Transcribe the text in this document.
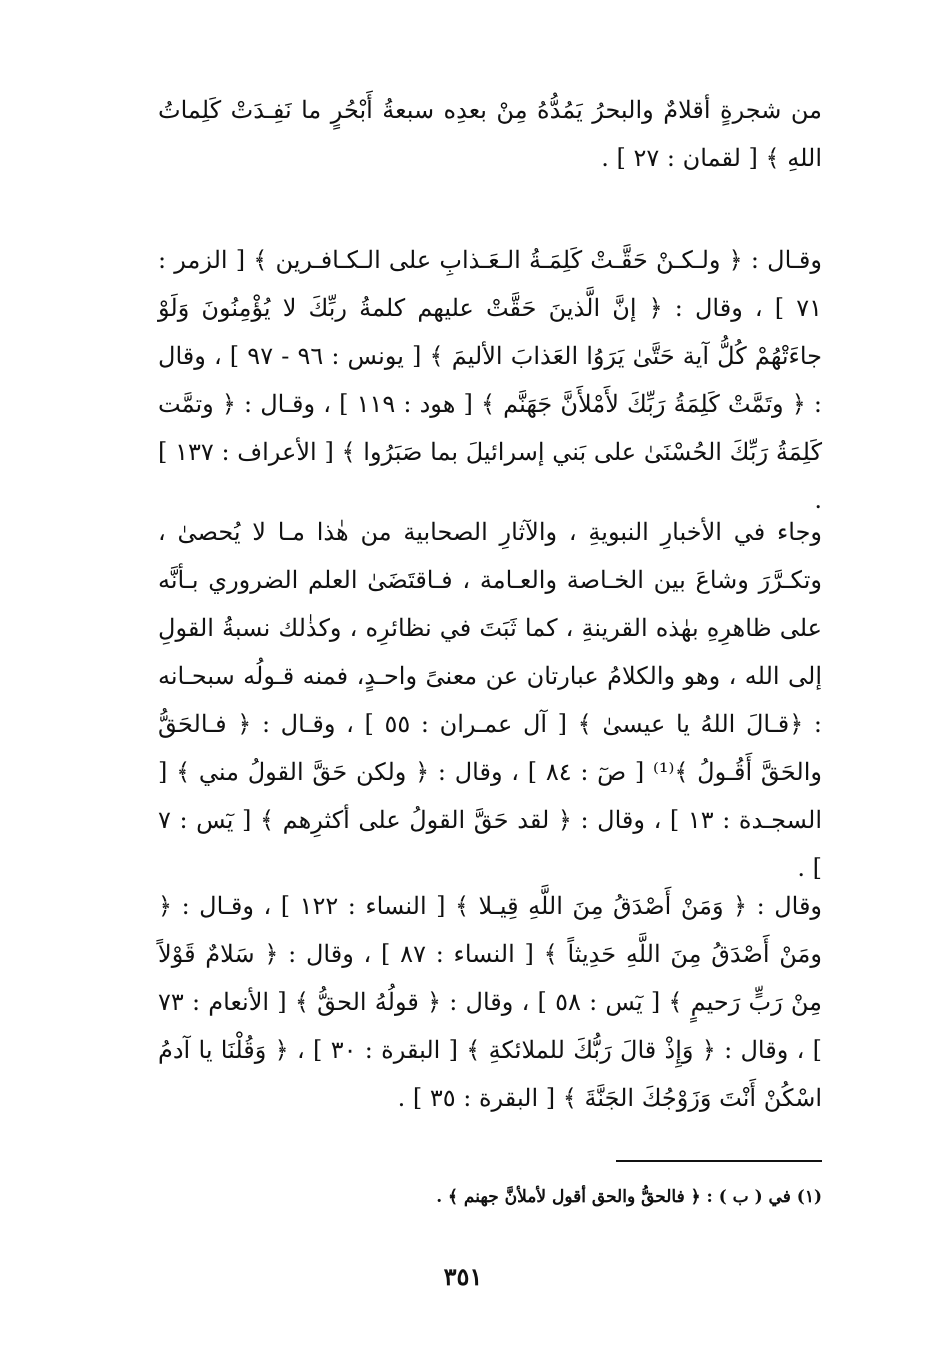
من شجرةٍ أقلامٌ والبحرُ يَمُدُّهُ مِنْ بعدِه سبعةُ أَبْحُرٍ ما نَفِـدَتْ كَلِماتُ اللهِ ﴾ [ لقمان : ٢٧ ] .

وقـال : ﴿ ولـكـنْ حَقَّـتْ كَلِمَـةُ الـعَـذابِ على الـكـافـرين ﴾ [ الزمر : ٧١ ] ، وقال : ﴿ إنَّ الَّذينَ حَقَّتْ عليهم كلمةُ ربِّكَ لا يُؤْمِنُونَ وَلَوْ جاءَتْهُمْ كُلُّ آية حَتَّىٰ يَرَوُا العَذابَ الأليمَ ﴾ [ يونس : ٩٦ - ٩٧ ] ، وقال : ﴿ وتَمَّتْ كَلِمَةُ رَبِّكَ لأَمْلأَنَّ جَهَنَّم ﴾ [ هود : ١١٩ ] ، وقـال : ﴿ وتمَّت كَلِمَةُ رَبِّكَ الحُسْنَىٰ على بَني إسرائيلَ بما صَبَرُوا ﴾ [ الأعراف : ١٣٧ ] .

وجاء في الأخبارِ النبويةِ ، والآثارِ الصحابية من هٰذا مـا لا يُحصىٰ ، وتكـرَّرَ وشاعَ بين الخـاصة والعـامة ، فـاقتَضَىٰ العلم الضروري بـأنَّه على ظاهرِهِ بهٰذه القرينةِ ، كما ثَبَتَ في نظائرِه ، وكذٰلك نسبةُ القولِ إلى الله ، وهو والكلامُ عبارتان عن معنىً واحـدٍ، فمنه قـولُه سبحـانه : ﴿قـالَ اللهُ يا عيسىٰ ﴾ [ آل عمـران : ٥٥ ] ، وقـال : ﴿ فـالحَقُّ والحَقَّ أَقُـولُ ﴾⁽¹⁾ [ صٓ : ٨٤ ] ، وقال : ﴿ ولكن حَقَّ القولُ مني ﴾ [ السجـدة : ١٣ ] ، وقال : ﴿ لقد حَقَّ القولُ على أكثرِهم ﴾ [ يٓس : ٧ ] .

وقال : ﴿ وَمَنْ أَصْدَقُ مِنَ اللَّهِ قِيـلا ﴾ [ النساء : ١٢٢ ] ، وقـال : ﴿ ومَنْ أَصْدَقُ مِنَ اللَّهِ حَدِيثاً ﴾ [ النساء : ٨٧ ] ، وقال : ﴿ سَلامٌ قَوْلاً مِنْ رَبٍّ رَحيمٍ ﴾ [ يٓس : ٥٨ ] ، وقال : ﴿ قولُهُ الحقُّ ﴾ [ الأنعام : ٧٣ ] ، وقال : ﴿ وَإِذْ قالَ رَبُّكَ للملائكةِ ﴾ [ البقرة : ٣٠ ] ، ﴿ وَقُلْنَا يا آدمُ اسْكُنْ أَنْتَ وَزَوْجُكَ الجَنَّةَ ﴾ [ البقرة : ٣٥ ] .

(١) في ( ب ) : ﴿ فالحقُّ والحق أقول لأملأنَّ جهنم ﴾ .

٣٥١
